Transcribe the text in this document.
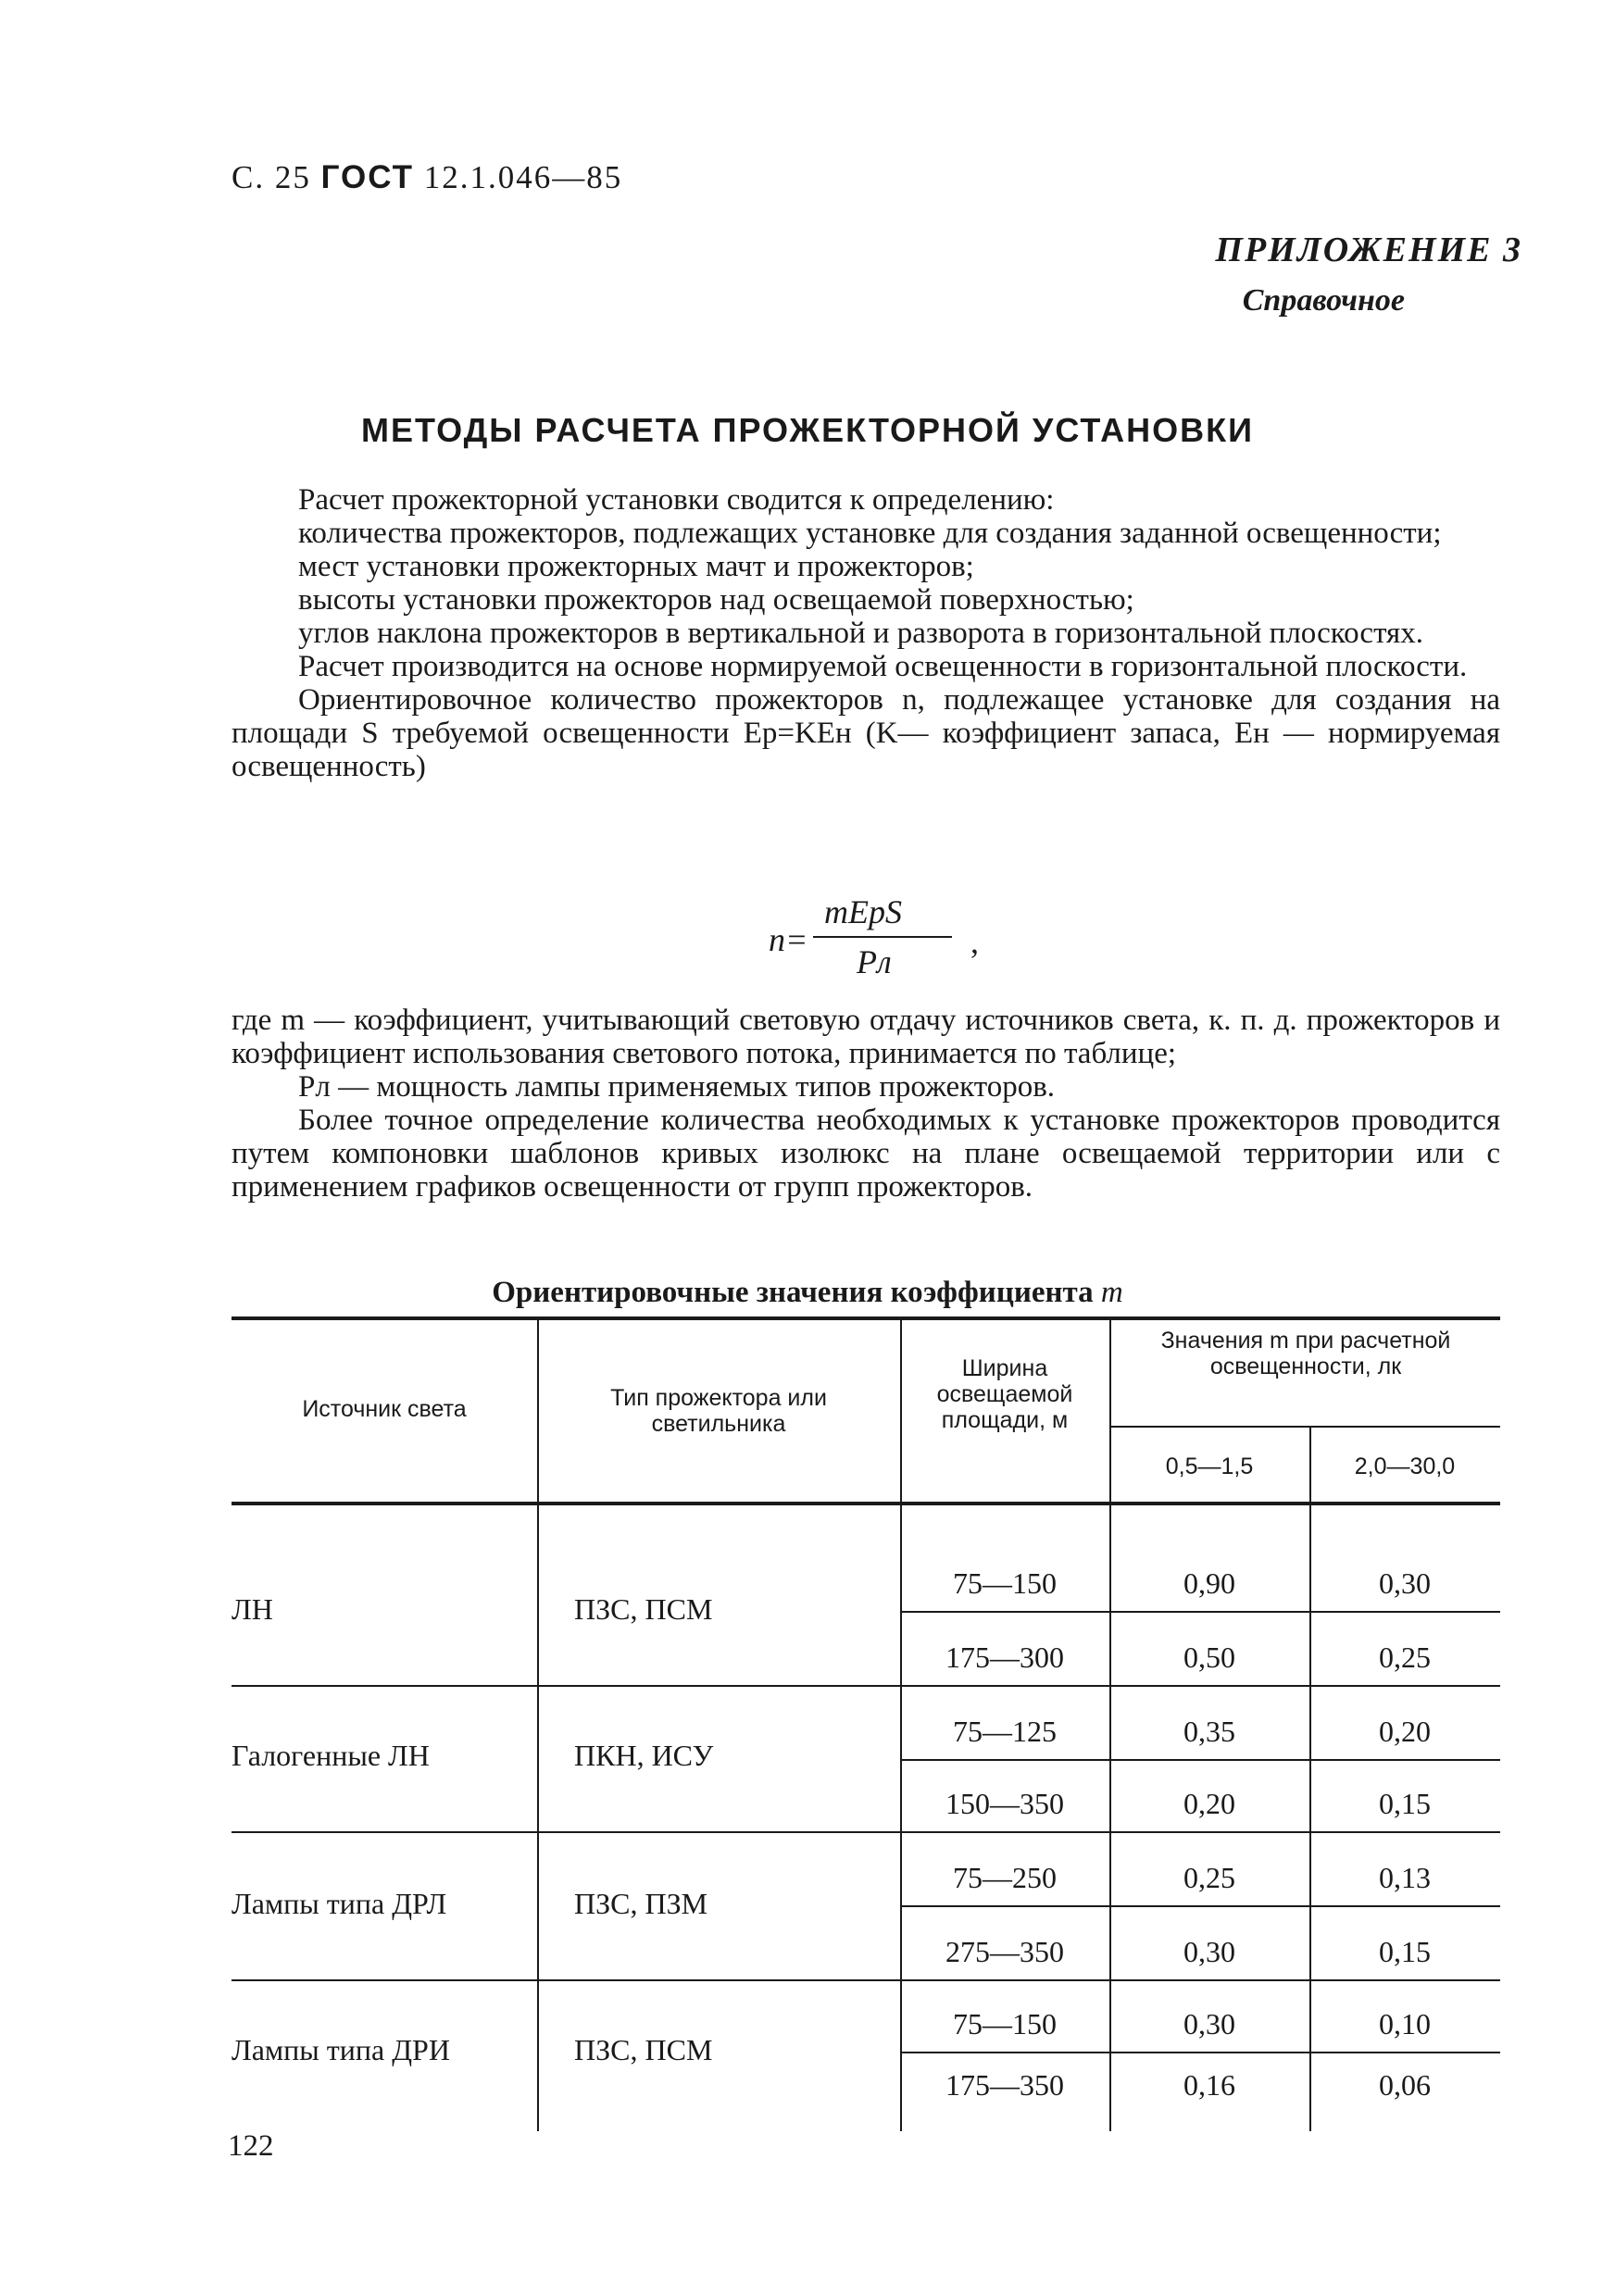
С. 25 ГОСТ 12.1.046—85
ПРИЛОЖЕНИЕ 3
Справочное
МЕТОДЫ РАСЧЕТА ПРОЖЕКТОРНОЙ УСТАНОВКИ

Расчет прожекторной установки сводится к определению:

количества прожекторов, подлежащих установке для создания заданной освещенности;

мест установки прожекторных мачт и прожекторов;

высоты установки прожекторов над освещаемой поверхностью;

углов наклона прожекторов в вертикальной и разворота в горизонтальной плоскостях.

Расчет производится на основе нормируемой освещенности в горизонтальной плоскости.

Ориентировочное количество прожекторов n, подлежащее установке для создания на площади S требуемой освещенности Eр=KEн (K— коэффициент запаса, Eн — нормируемая освещенность)

n=
mEрS
Pл
,

где m — коэффициент, учитывающий световую отдачу источников света, к. п. д. прожекторов и коэффициент использования светового потока, принимается по таблице;

Pл — мощность лампы применяемых типов прожекторов.

Более точное определение количества необходимых к установке прожекторов проводится путем компоновки шаблонов кривых изолюкс на плане освещаемой территории или с применением графиков освещенности от групп прожекторов.

Ориентировочные значения коэффициента m
Источник света	Тип прожектора или светильника
Ширина освещаемой площади, м
Значения m при расчетной освещенности, лк
0,5—1,5	2,0—30,0
ЛН	ПЗС, ПСМ
75—150	0,90	0,30
175—300	0,50	0,25
Галогенные ЛН	ПКН, ИСУ
75—125	0,35	0,20
150—350	0,20	0,15
Лампы типа ДРЛ	ПЗС, ПЗМ
75—250	0,25	0,13
275—350	0,30	0,15
Лампы типа ДРИ	ПЗС, ПСМ
75—150	0,30	0,10
175—350	0,16	0,06
122
